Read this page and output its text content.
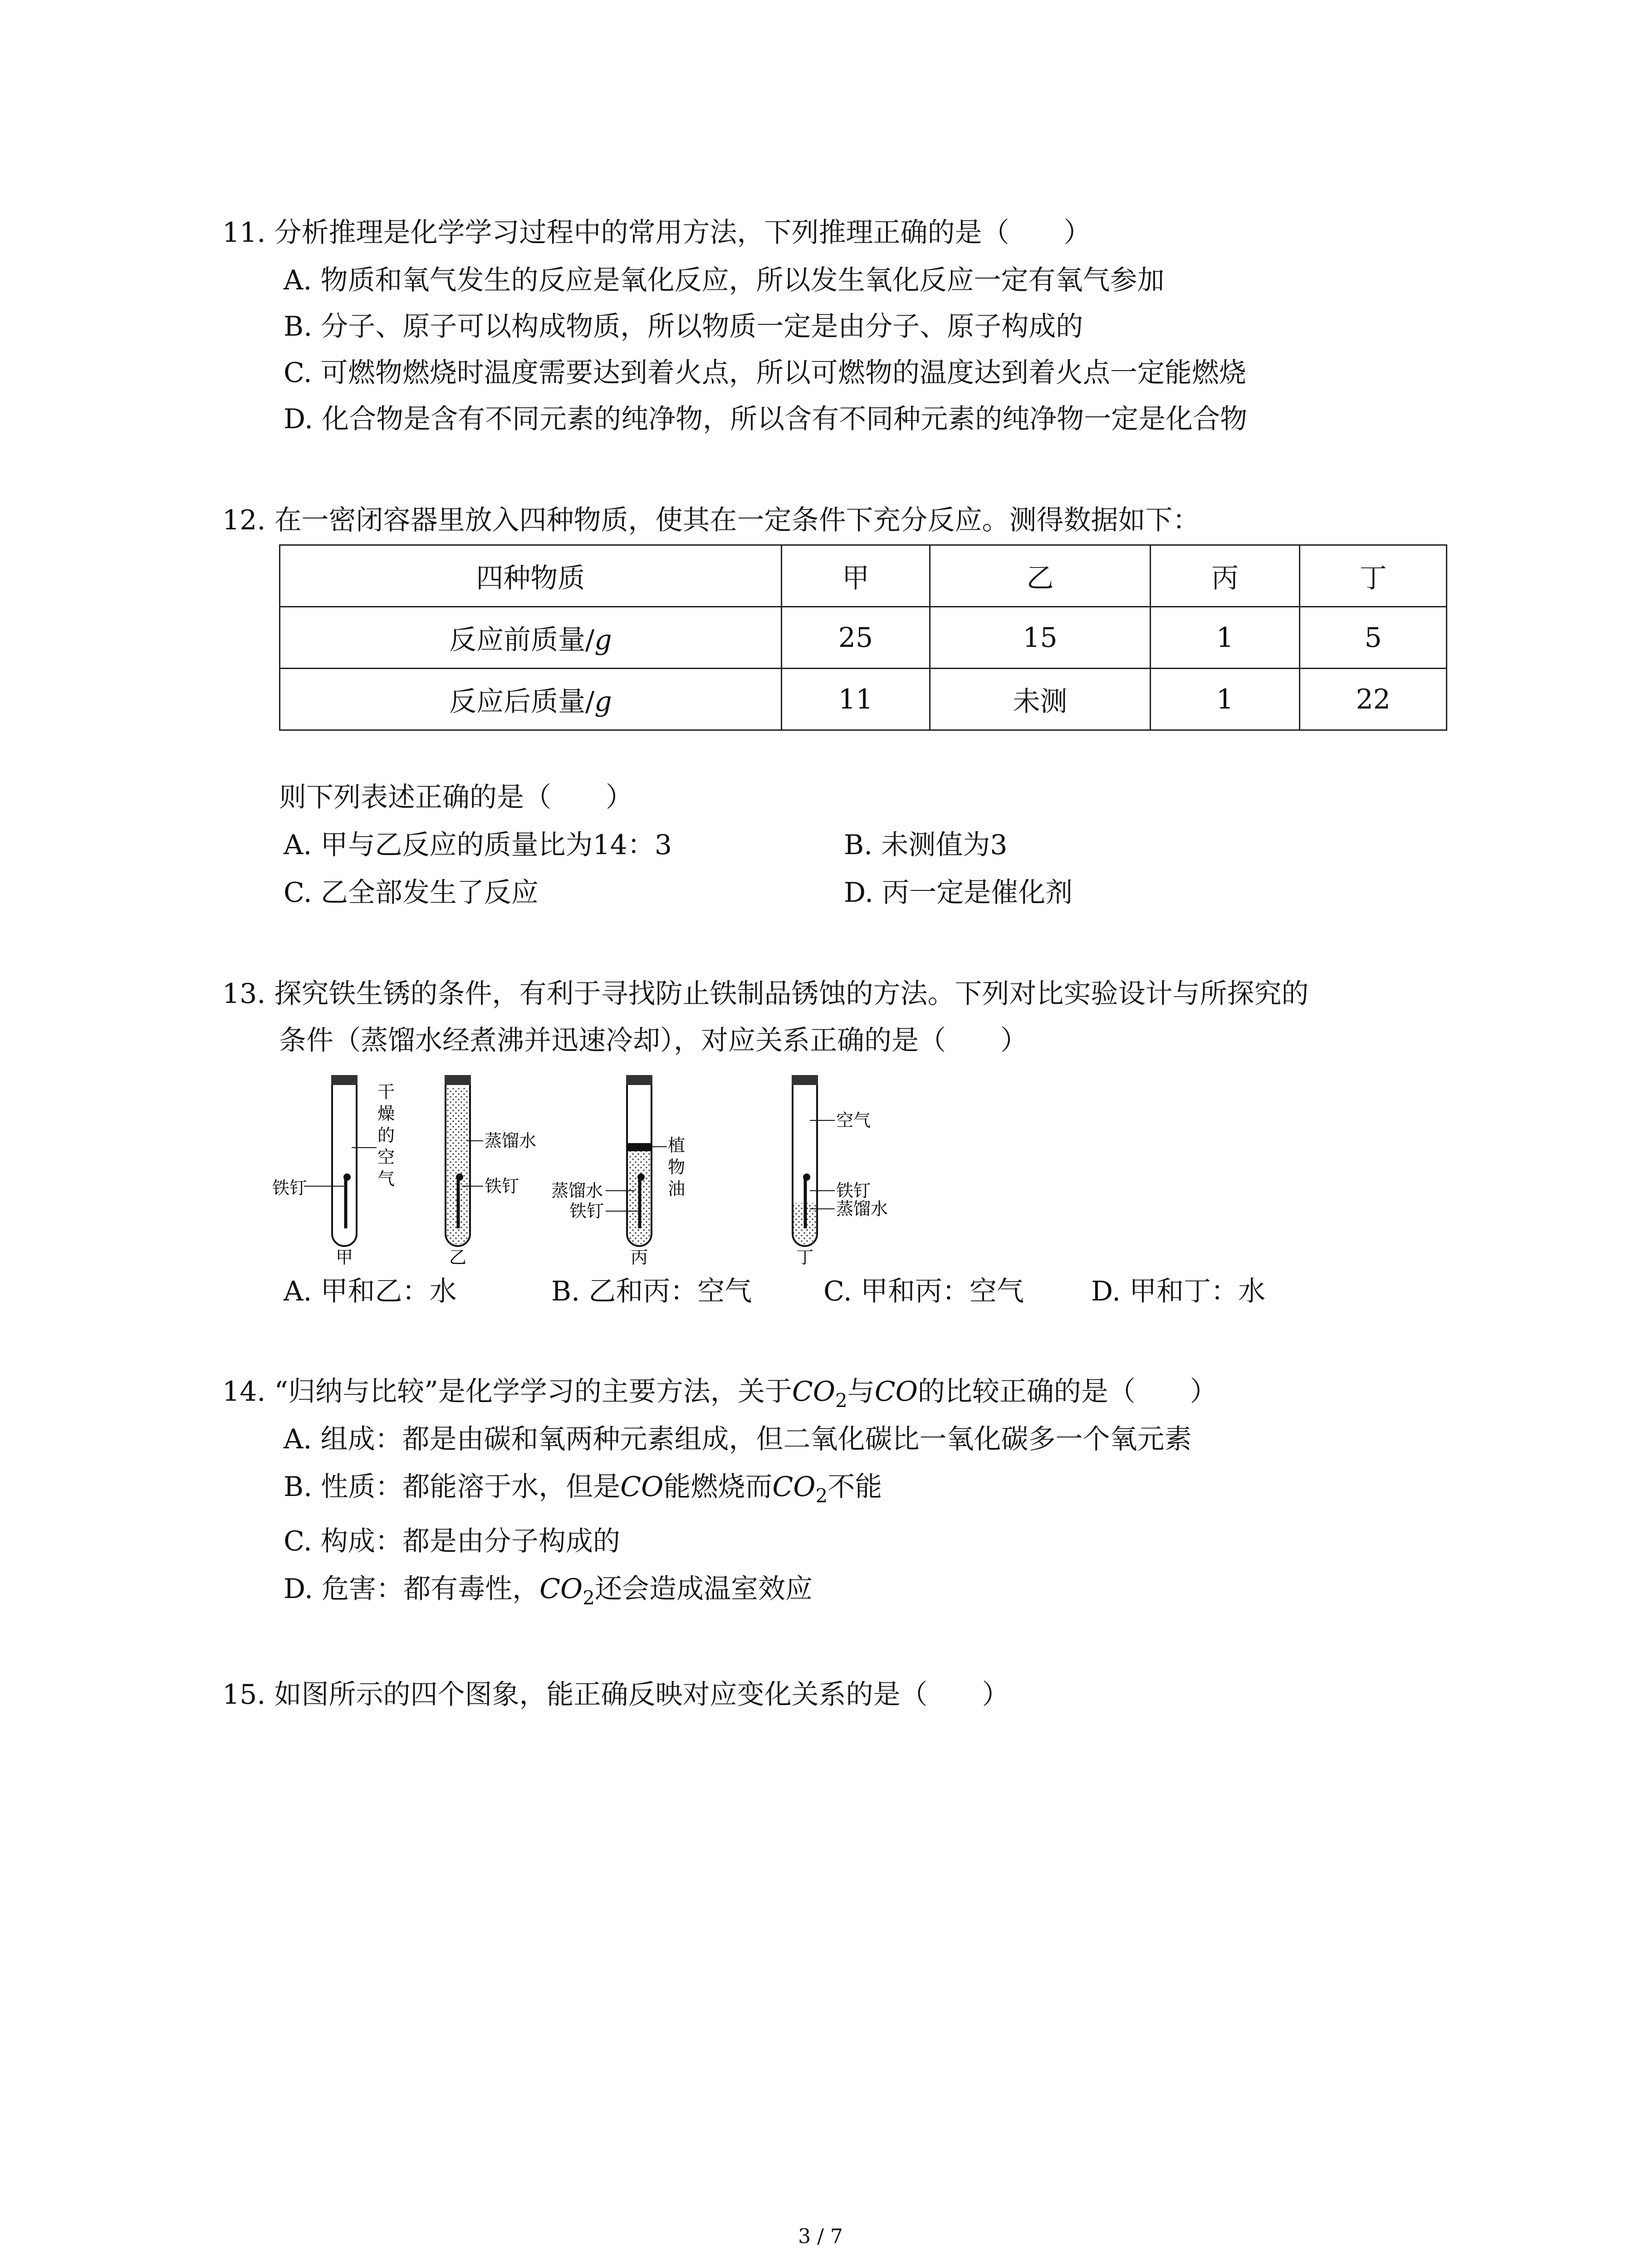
11. 分析推理是化学学习过程中的常用方法，下列推理正确的是（　　）
A. 物质和氧气发生的反应是氧化反应，所以发生氧化反应一定有氧气参加
B. 分子、原子可以构成物质，所以物质一定是由分子、原子构成的
C. 可燃物燃烧时温度需要达到着火点，所以可燃物的温度达到着火点一定能燃烧
D. 化合物是含有不同元素的纯净物，所以含有不同种元素的纯净物一定是化合物
12. 在一密闭容器里放入四种物质，使其在一定条件下充分反应。测得数据如下：
四种物质	甲	乙	丙	丁
反应前质量/g	25	15	1	5
反应后质量/g	11	未测	1	22
则下列表述正确的是（　　）
A. 甲与乙反应的质量比为14：3	B. 未测值为3
C. 乙全部发生了反应	D. 丙一定是催化剂
13. 探究铁生锈的条件，有利于寻找防止铁制品锈蚀的方法。下列对比实验设计与所探究的
条件（蒸馏水经煮沸并迅速冷却），对应关系正确的是（　　）
铁钉
干
燥
的
空
气
蒸馏水
铁钉
植
物
油
蒸馏水
铁钉
空气
铁钉
蒸馏水
甲	乙	丙	丁
A. 甲和乙：水	B. 乙和丙：空气	C. 甲和丙：空气 D. 甲和丁：水
14. “归纳与比较”是化学学习的主要方法，关于$CO_2$与CO的比较正确的是（　　）
A. 组成：都是由碳和氧两种元素组成，但二氧化碳比一氧化碳多一个氧元素
B. 性质：都能溶于水，但是CO能燃烧而$CO_2$不能
C. 构成：都是由分子构成的
D. 危害：都有毒性，$CO_2$还会造成温室效应
15. 如图所示的四个图象，能正确反映对应变化关系的是（　　）
3 / 7
